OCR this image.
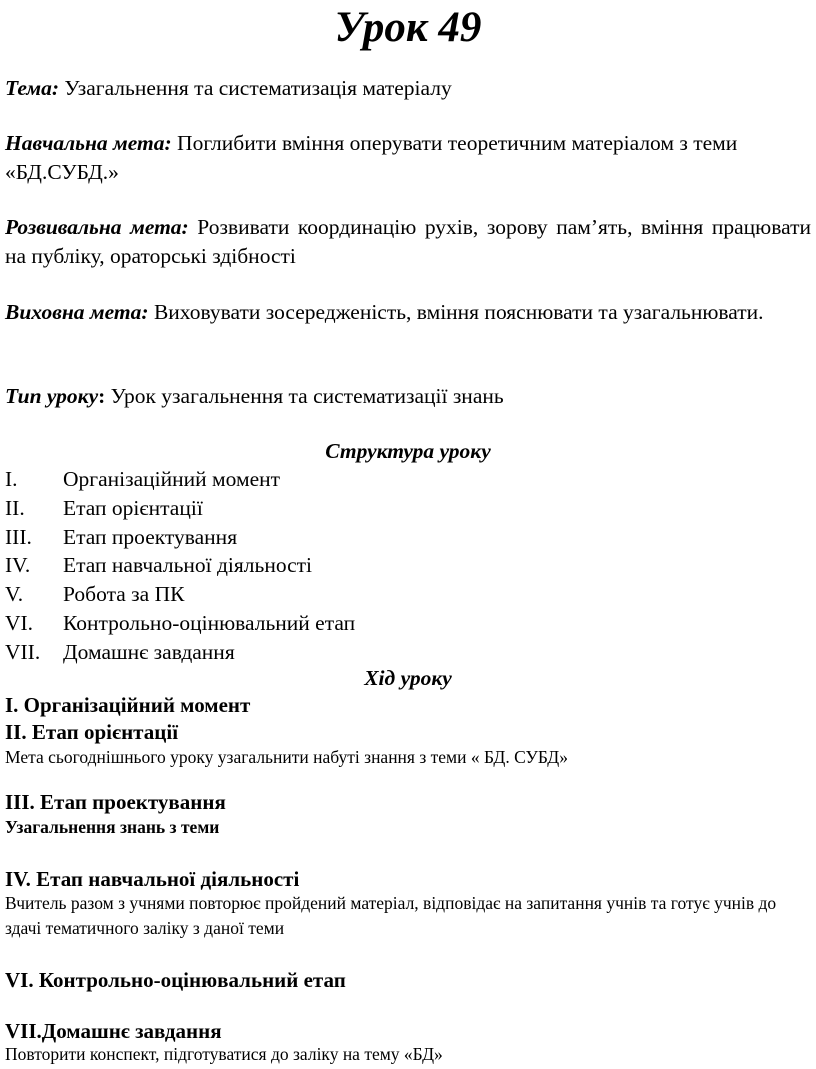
Урок 49

Тема: Узагальнення та систематизація матеріалу

Навчальна мета: Поглибити вміння оперувати теоретичним матеріалом з теми «БД.СУБД.»

Розвивальна мета: Розвивати координацію рухів, зорову пам’ять, вміння працювати на публіку, ораторські здібності

Виховна мета: Виховувати зосередженість, вміння пояснювати та узагальнювати.

Тип уроку: Урок узагальнення та систематизації знань

Структура уроку
I. Організаційний момент
II. Етап орієнтації
III. Етап проектування
IV. Етап навчальної діяльності
V. Робота за ПК
VI. Контрольно-оцінювальний етап
VII. Домашнє завдання
Хід уроку
I. Організаційний момент
II. Етап орієнтації
Мета сьогоднішнього уроку узагальнити набуті знання з теми « БД. СУБД»
III. Етап проектування
Узагальнення знань з теми
IV. Етап навчальної діяльності
Вчитель разом з учнями повторює пройдений матеріал, відповідає на запитання учнів та готує учнів до здачі тематичного заліку з даної теми
VI. Контрольно-оцінювальний етап
VII.Домашнє завдання
Повторити конспект, підготуватися до заліку на тему «БД»
